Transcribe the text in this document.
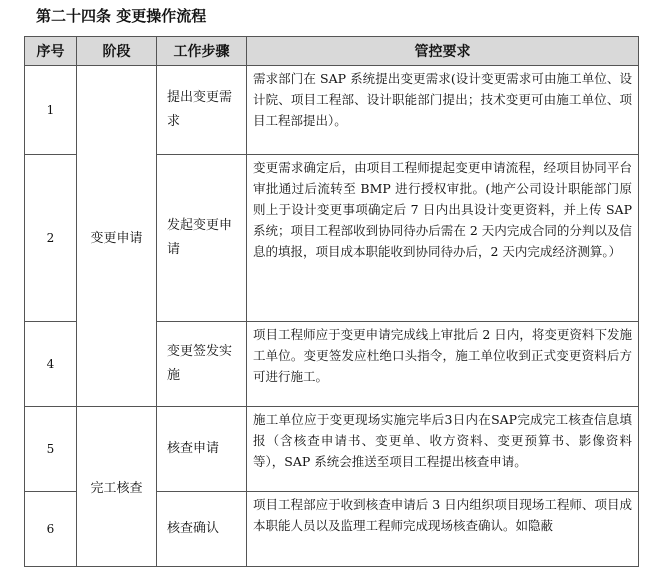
第二十四条 变更操作流程
序号	阶段	工作步骤	管控要求
1	变更申请	提出变更需求	需求部门在 SAP 系统提出变更需求(设计变更需求可由施工单位、设计院、项目工程部、设计职能部门提出；技术变更可由施工单位、项目工程部提出）。

2		发起变更申请	变更需求确定后，由项目工程师提起变更申请流程，经项目协同平台审批通过后流转至 BMP 进行授权审批。(地产公司设计职能部门原则上于设计变更事项确定后 7 日内出具设计变更资料，并上传 SAP 系统；项目工程部收到协同待办后需在 2 天内完成合同的分判以及信息的填报，项目成本职能收到协同待办后，2 天内完成经济测算。）

4		变更签发实施	项目工程师应于变更申请完成线上审批后 2 日内，将变更资料下发施工单位。变更签发应杜绝口头指令，施工单位收到正式变更资料后方可进行施工。

5	完工核查	核查申请	施工单位应于变更现场实施完毕后3日内在SAP完成完工核查信息填报（含核查申请书、变更单、收方资料、变更预算书、影像资料等），SAP 系统会推送至项目工程提出核查申请。

6		核查确认	项目工程部应于收到核查申请后 3 日内组织项目现场工程师、项目成本职能人员以及监理工程师完成现场核查确认。如隐蔽
